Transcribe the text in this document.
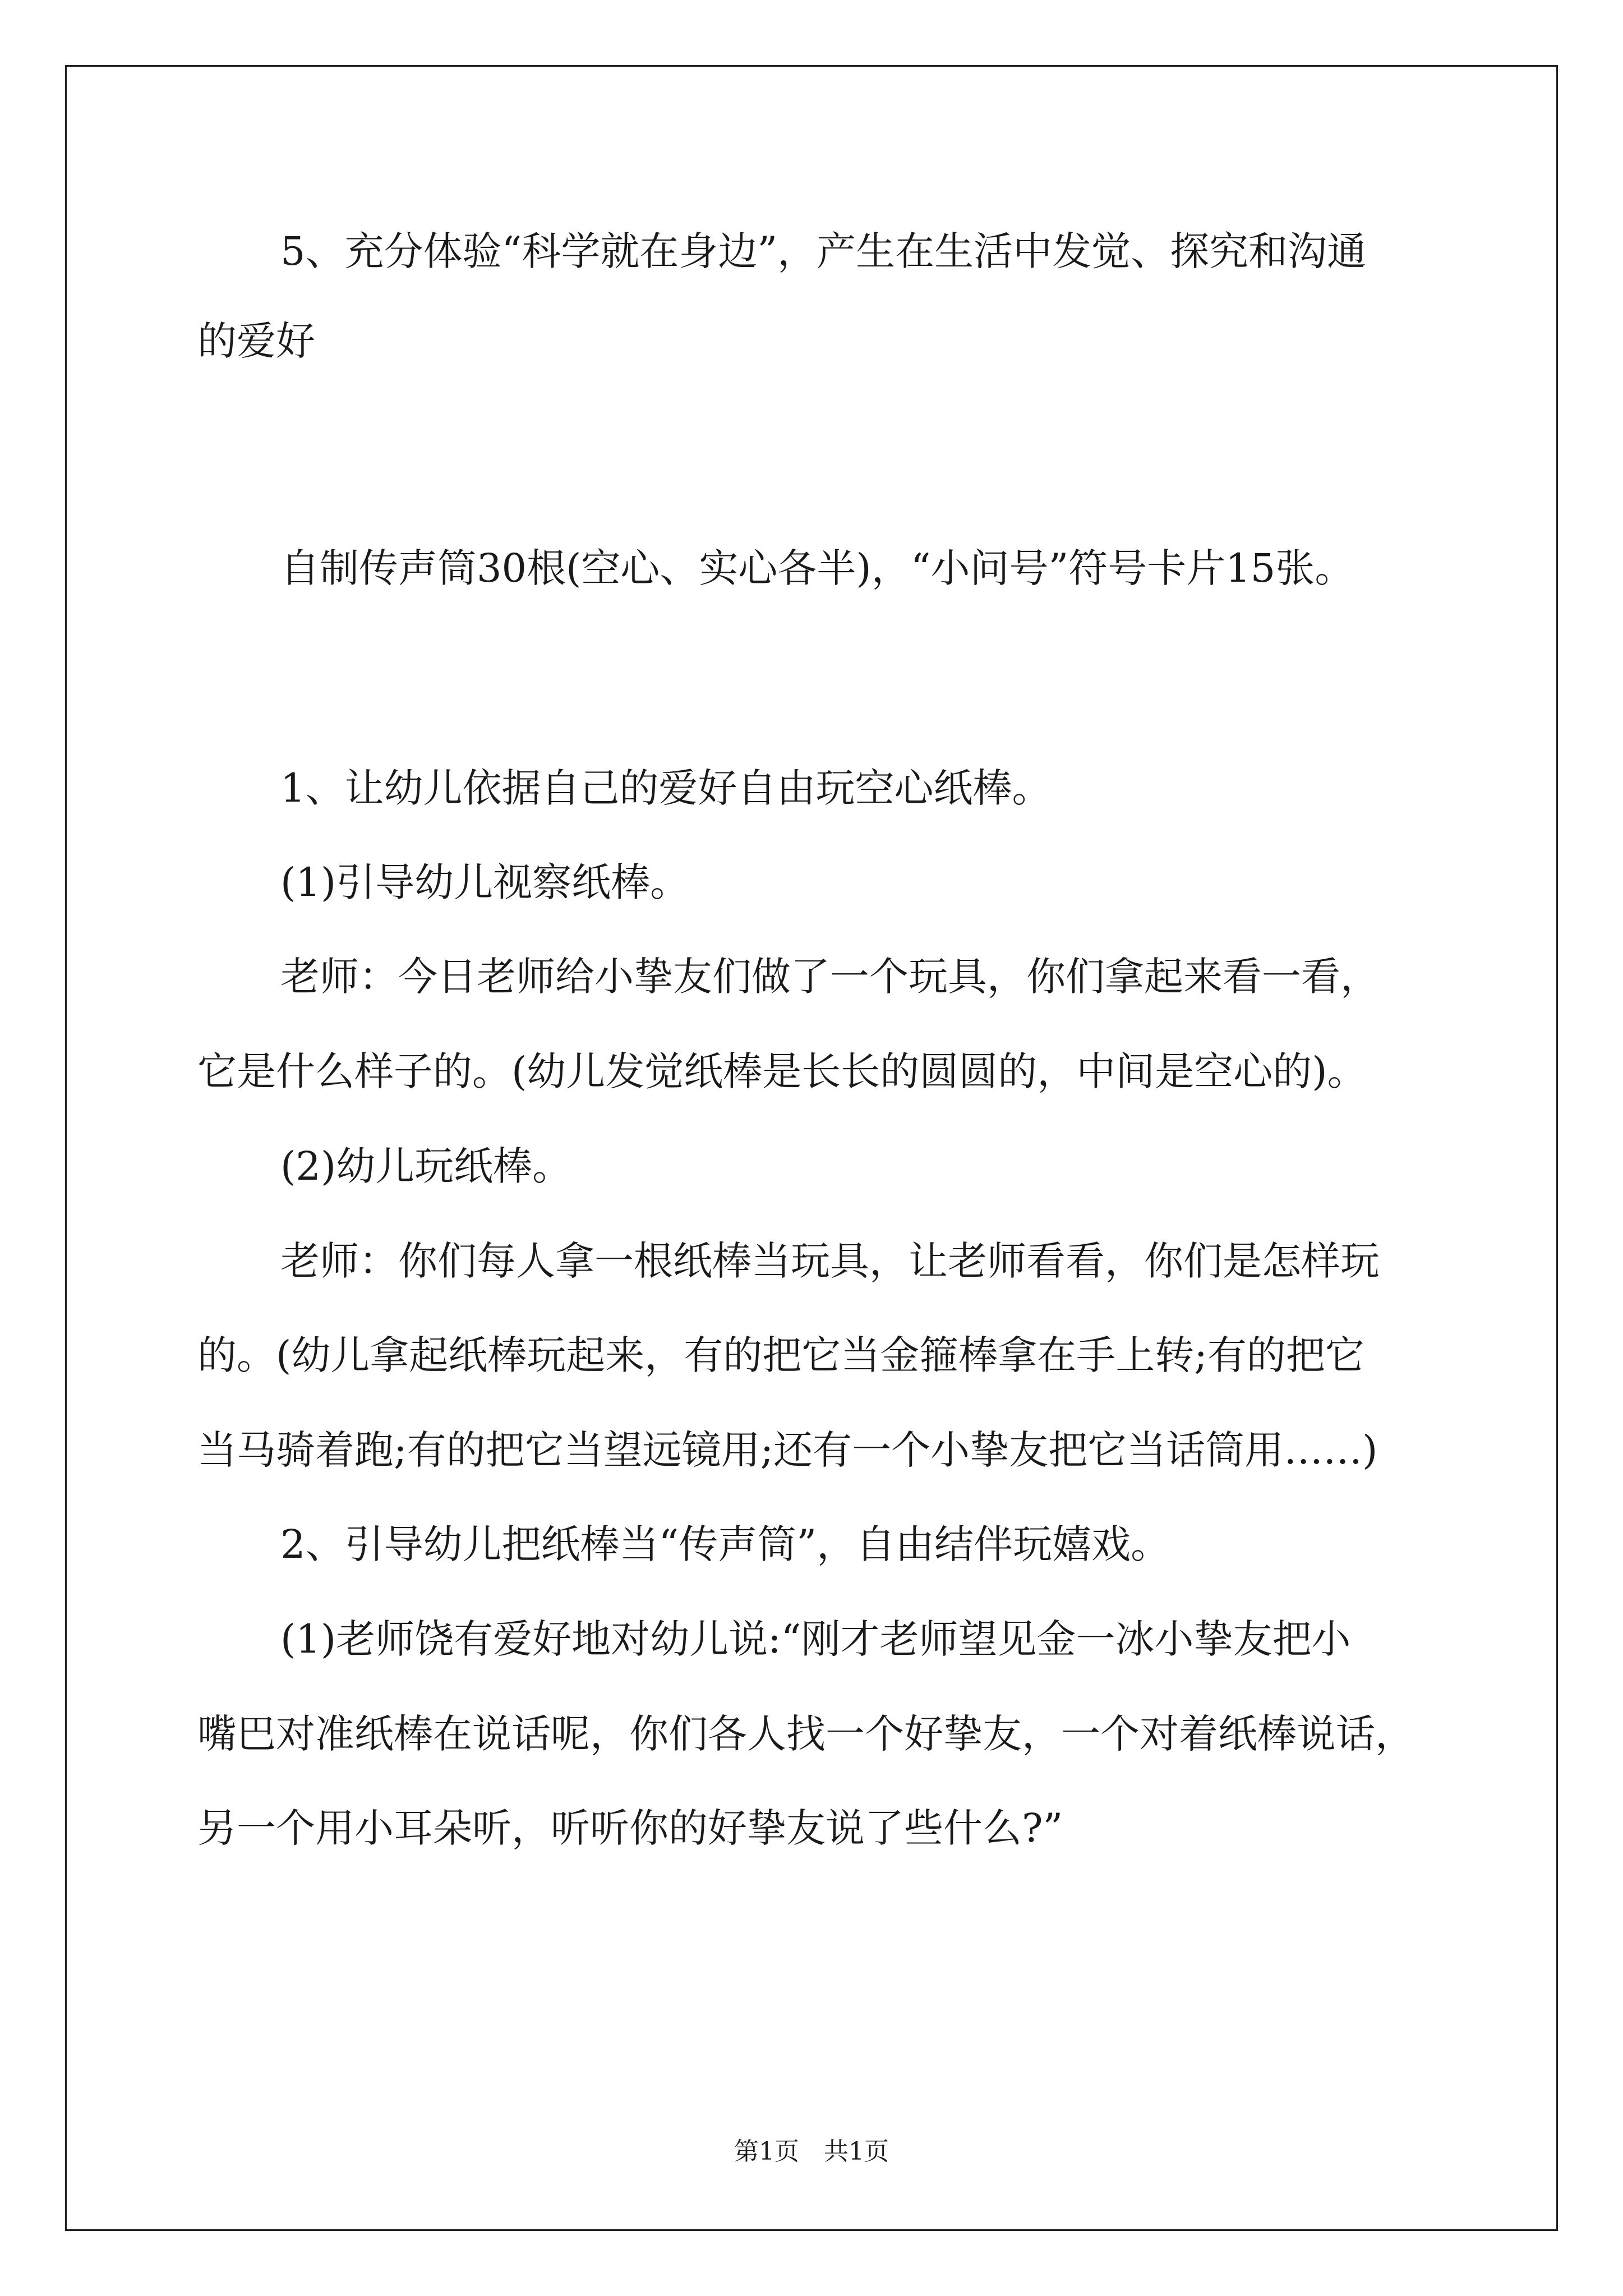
5、充分体验“科学就在身边”，产生在生活中发觉、探究和沟通

的爱好

自制传声筒30根(空心、实心各半)，“小问号”符号卡片15张。

1、让幼儿依据自己的爱好自由玩空心纸棒。

(1)引导幼儿视察纸棒。

老师：今日老师给小挚友们做了一个玩具，你们拿起来看一看，

它是什么样子的。(幼儿发觉纸棒是长长的圆圆的，中间是空心的)。

(2)幼儿玩纸棒。

老师：你们每人拿一根纸棒当玩具，让老师看看，你们是怎样玩

的。(幼儿拿起纸棒玩起来，有的把它当金箍棒拿在手上转;有的把它

当马骑着跑;有的把它当望远镜用;还有一个小挚友把它当话筒用……)

2、引导幼儿把纸棒当“传声筒”，自由结伴玩嬉戏。

(1)老师饶有爱好地对幼儿说:“刚才老师望见金一冰小挚友把小

嘴巴对准纸棒在说话呢，你们各人找一个好挚友，一个对着纸棒说话，

另一个用小耳朵听，听听你的好挚友说了些什么?”

第1页　共1页
